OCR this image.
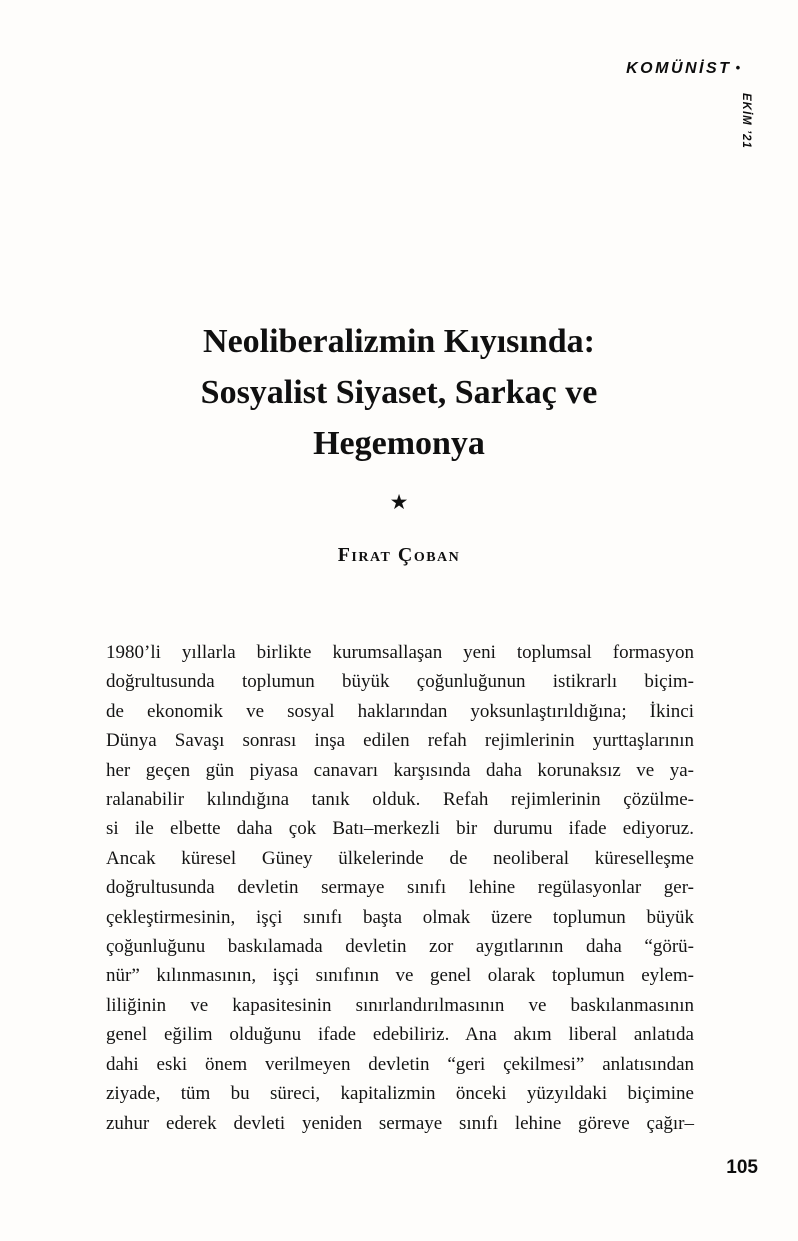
KOMÜNİST •
EKİM ’21
Neoliberalizmin Kıyısında:
Sosyalist Siyaset, Sarkaç ve
Hegemonya
★
Fırat Çoban
1980’li yıllarla birlikte kurumsallaşan yeni toplumsal formasyon
doğrultusunda toplumun büyük çoğunluğunun istikrarlı biçim-
de ekonomik ve sosyal haklarından yoksunlaştırıldığına; İkinci
Dünya Savaşı sonrası inşa edilen refah rejimlerinin yurttaşlarının
her geçen gün piyasa canavarı karşısında daha korunaksız ve ya-
ralanabilir kılındığına tanık olduk. Refah rejimlerinin çözülme-
si ile elbette daha çok Batı–merkezli bir durumu ifade ediyoruz.
Ancak küresel Güney ülkelerinde de neoliberal küreselleşme
doğrultusunda devletin sermaye sınıfı lehine regülasyonlar ger-
çekleştirmesinin, işçi sınıfı başta olmak üzere toplumun büyük
çoğunluğunu baskılamada devletin zor aygıtlarının daha “görü-
nür” kılınmasının, işçi sınıfının ve genel olarak toplumun eylem-
liliğinin ve kapasitesinin sınırlandırılmasının ve baskılanmasının
genel eğilim olduğunu ifade edebiliriz. Ana akım liberal anlatıda
dahi eski önem verilmeyen devletin “geri çekilmesi” anlatısından
ziyade, tüm bu süreci, kapitalizmin önceki yüzyıldaki biçimine
zuhur ederek devleti yeniden sermaye sınıfı lehine göreve çağır–
105
